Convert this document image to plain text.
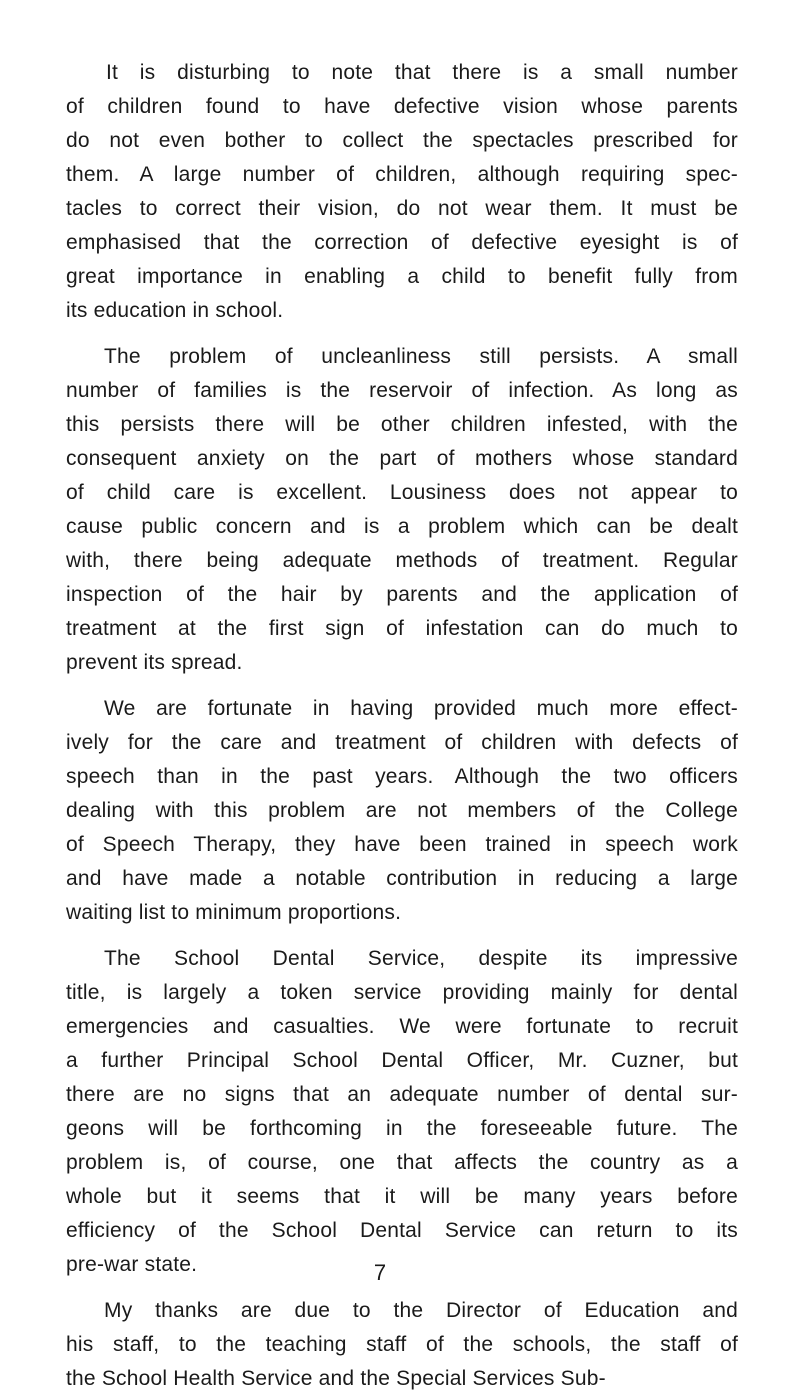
It is disturbing to note that there is a small number
of children found to have defective vision whose parents
do not even bother to collect the spectacles prescribed for
them. A large number of children, although requiring spec-
tacles to correct their vision, do not wear them. It must be
emphasised that the correction of defective eyesight is of
great importance in enabling a child to benefit fully from
its education in school.
The problem of uncleanliness still persists. A small
number of families is the reservoir of infection. As long as
this persists there will be other children infested, with the
consequent anxiety on the part of mothers whose standard
of child care is excellent. Lousiness does not appear to
cause public concern and is a problem which can be dealt
with, there being adequate methods of treatment. Regular
inspection of the hair by parents and the application of
treatment at the first sign of infestation can do much to
prevent its spread.
We are fortunate in having provided much more effect-
ively for the care and treatment of children with defects of
speech than in the past years. Although the two officers
dealing with this problem are not members of the College
of Speech Therapy, they have been trained in speech work
and have made a notable contribution in reducing a large
waiting list to minimum proportions.
The School Dental Service, despite its impressive
title, is largely a token service providing mainly for dental
emergencies and casualties. We were fortunate to recruit
a further Principal School Dental Officer, Mr. Cuzner, but
there are no signs that an adequate number of dental sur-
geons will be forthcoming in the foreseeable future. The
problem is, of course, one that affects the country as a
whole but it seems that it will be many years before
efficiency of the School Dental Service can return to its
pre-war state.
My thanks are due to the Director of Education and
his staff, to the teaching staff of the schools, the staff of
the School Health Service and the Special Services Sub-
7
